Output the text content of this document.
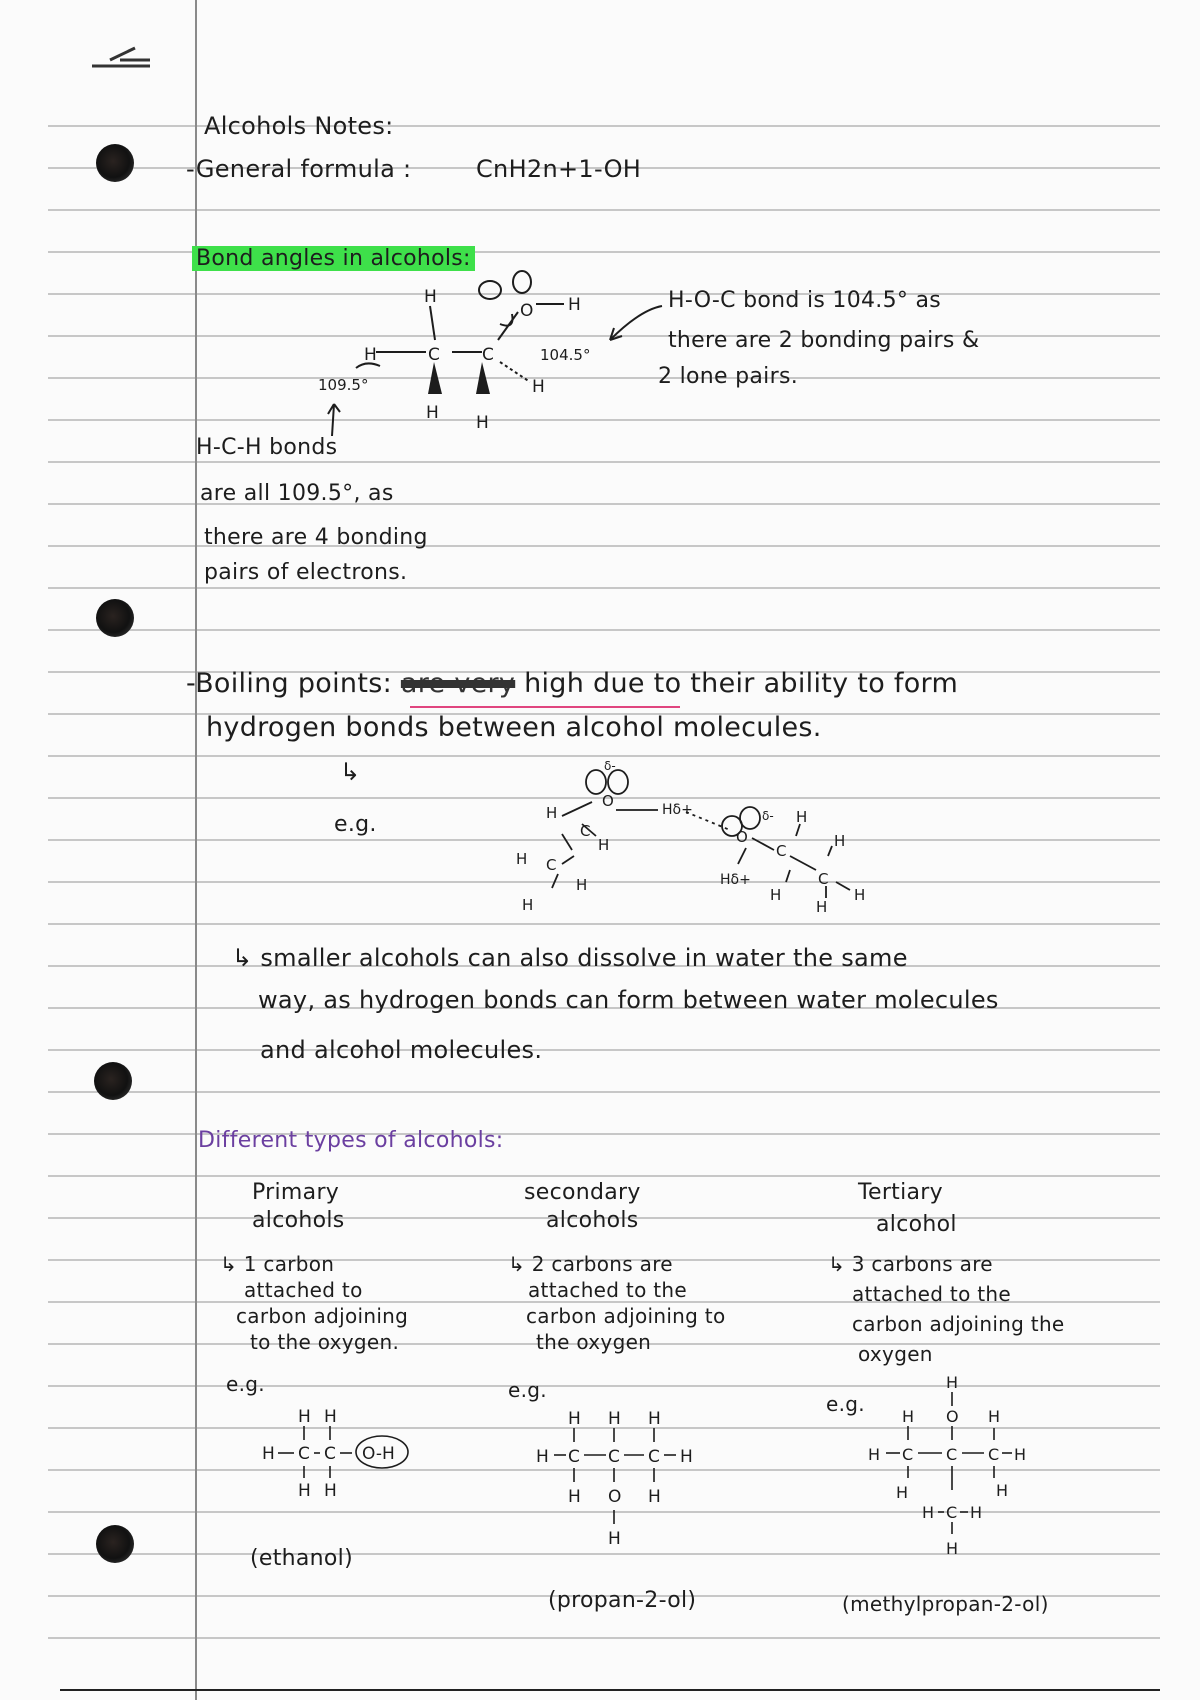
Alcohols Notes:
-General formula :	CnH2n+1-OH
Bond angles in alcohols:
H
H	C C
O H
H
H H
109.5°
104.5°
H-O-C bond is 104.5° as
there are 2 bonding pairs &
2 lone pairs.
H-C-H bonds
are all 109.5°, as
there are 4 bonding
pairs of electrons.
-Boiling points: are very high due to their ability to form
hydrogen bonds between alcohol molecules.
↳
e.g.
O
δ-
Hδ+
H
C
H
H C
H
H
O
δ-
C
H
Hδ+
H
C
H
H
H
↳ smaller alcohols can also dissolve in water the same
way, as hydrogen bonds can form between water molecules
and alcohol molecules.
Different types of alcohols:
Primary
alcohols
↳ 1 carbon
attached to
carbon adjoining
to the oxygen.
e.g.
H H
H C C O-H
H H
(ethanol)
secondary
alcohols
↳ 2 carbons are
attached to the
carbon adjoining to
the oxygen
e.g.
H H H
H C C C H
H O H
H
(propan-2-ol)
Tertiary
alcohol
↳ 3 carbons are
attached to the
carbon adjoining the
oxygen
e.g.
H
H O H
H C C C H
H	H
H C H
H
(methylpropan-2-ol)
